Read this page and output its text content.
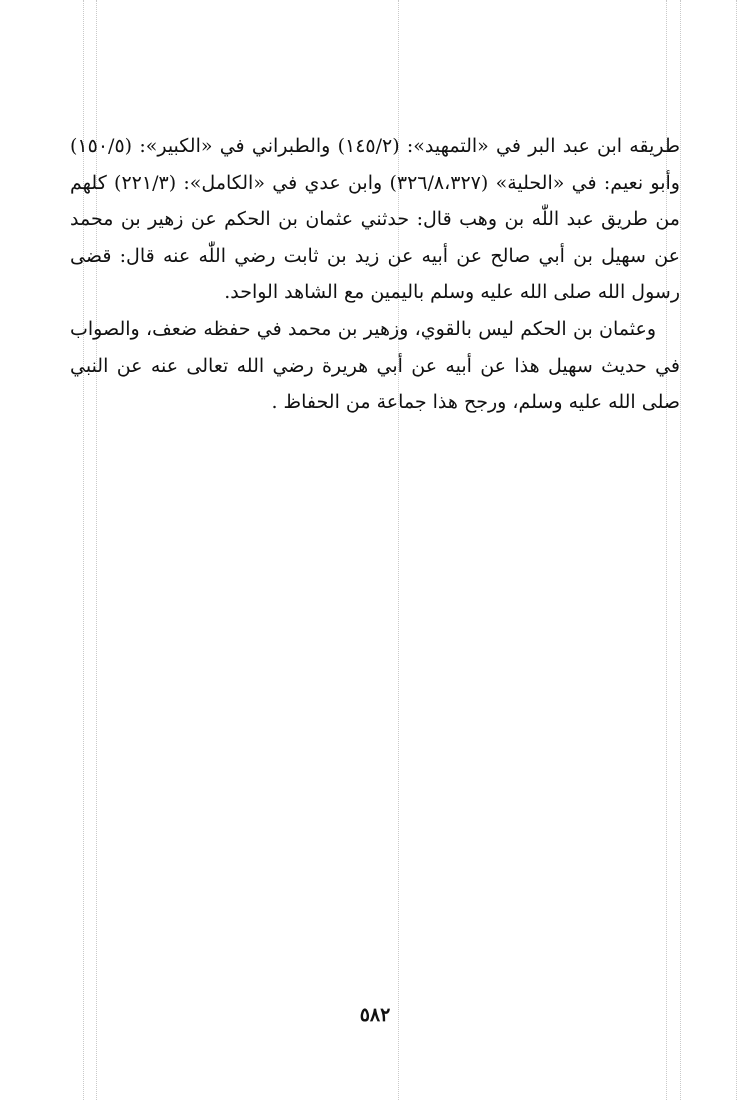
طريقه ابن عبد البر في «التمهيد»: (١٤٥/٢) والطبراني في «الكبير»: (١٥٠/٥) وأبو نعيم: في «الحلية» (٣٢٦/٨،٣٢٧) وابن عدي في «الكامل»: (٢٢١/٣) كلهم من طريق عبد اللّٰه بن وهب قال: حدثني عثمان بن الحكم عن زهير بن محمد عن سهيل بن أبي صالح عن أبيه عن زيد بن ثابت رضي اللّٰه عنه قال: قضى رسول الله صلى الله عليه وسلم باليمين مع الشاهد الواحد.

وعثمان بن الحكم ليس بالقوي، وزهير بن محمد في حفظه ضعف، والصواب في حديث سهيل هذا عن أبيه عن أبي هريرة رضي الله تعالى عنه عن النبي صلى الله عليه وسلم، ورجح هذا جماعة من الحفاظ .

٥٨٢
